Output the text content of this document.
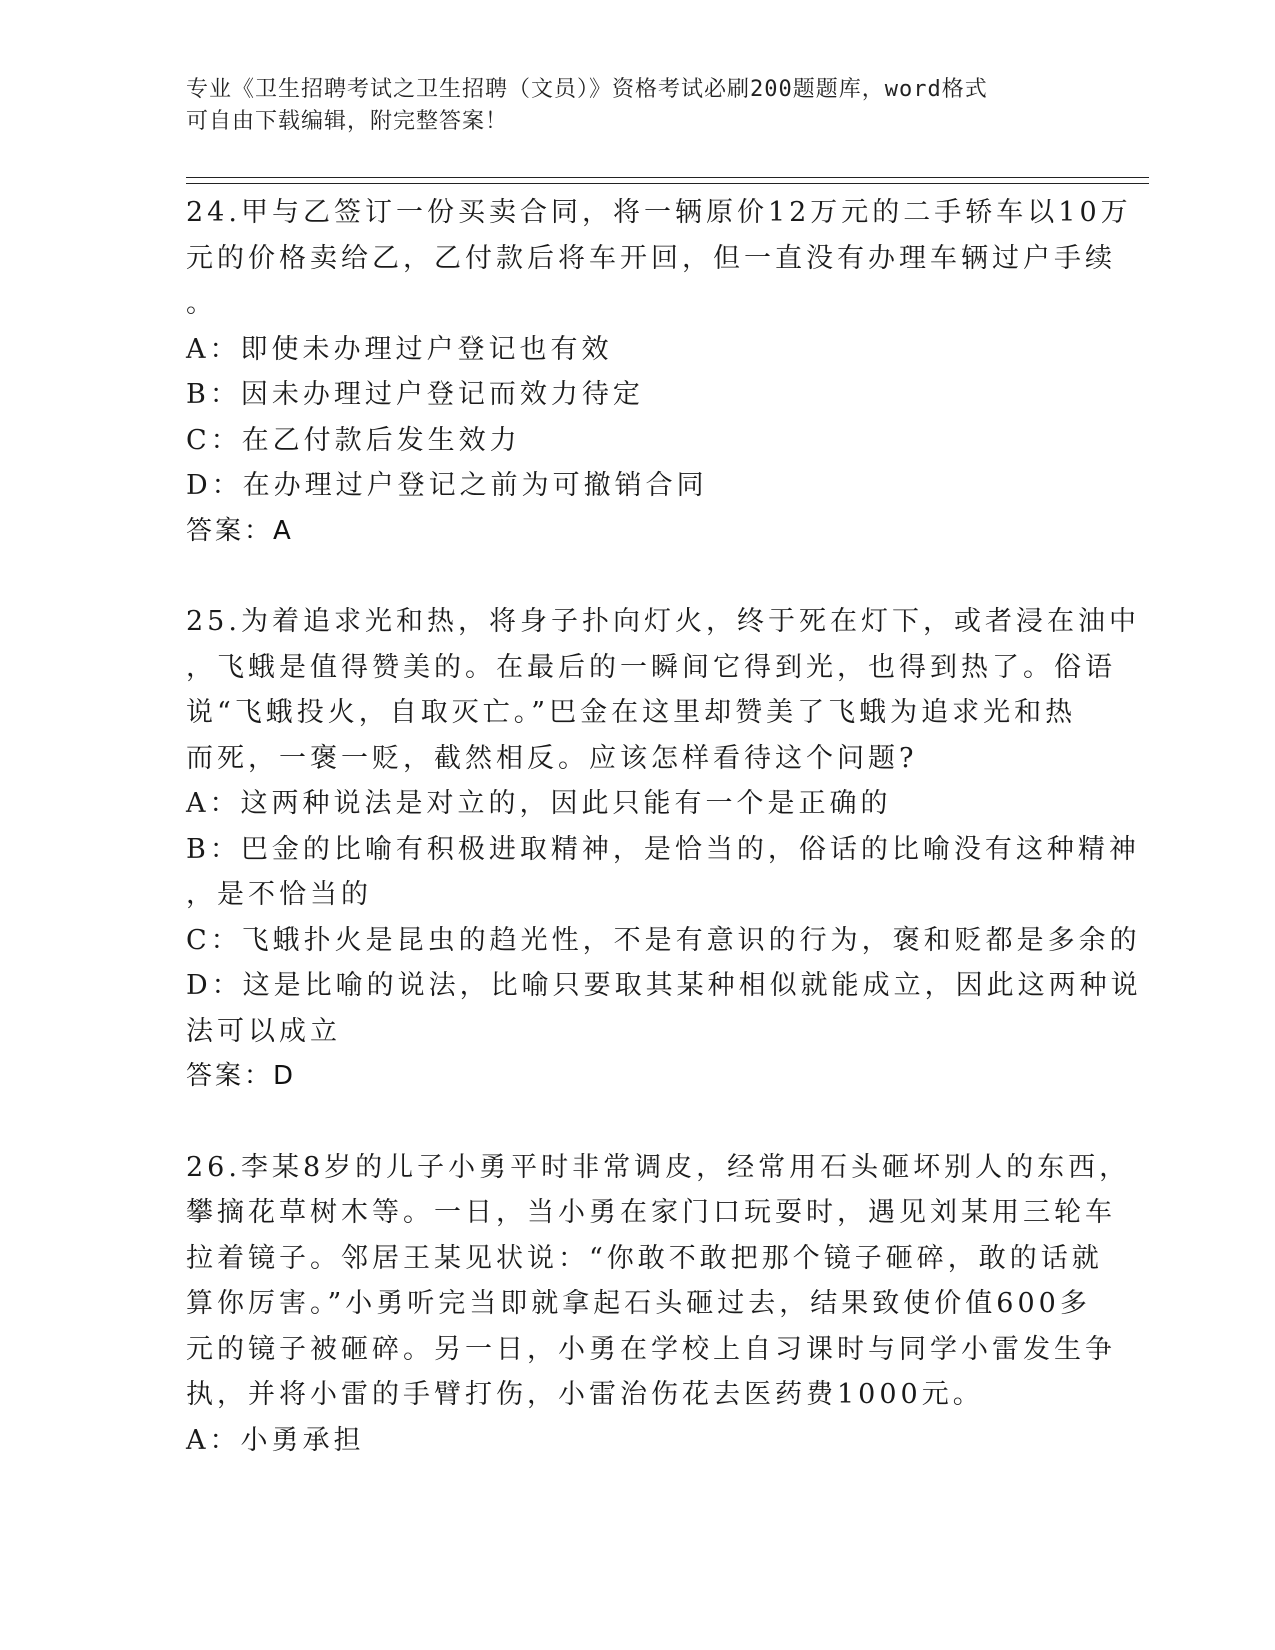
专业《卫生招聘考试之卫生招聘（文员）》资格考试必刷200题题库，word格式
可自由下载编辑，附完整答案！
24.甲与乙签订一份买卖合同，将一辆原价12万元的二手轿车以10万
元的价格卖给乙，乙付款后将车开回，但一直没有办理车辆过户手续
。
A：即使未办理过户登记也有效
B：因未办理过户登记而效力待定
C：在乙付款后发生效力
D：在办理过户登记之前为可撤销合同
答案：A
25.为着追求光和热，将身子扑向灯火，终于死在灯下，或者浸在油中
，飞蛾是值得赞美的。在最后的一瞬间它得到光，也得到热了。俗语
说“飞蛾投火，自取灭亡。”巴金在这里却赞美了飞蛾为追求光和热
而死，一褒一贬，截然相反。应该怎样看待这个问题?
A：这两种说法是对立的，因此只能有一个是正确的
B：巴金的比喻有积极进取精神，是恰当的，俗话的比喻没有这种精神
，是不恰当的
C：飞蛾扑火是昆虫的趋光性，不是有意识的行为，褒和贬都是多余的
D：这是比喻的说法，比喻只要取其某种相似就能成立，因此这两种说
法可以成立
答案：D
26.李某8岁的儿子小勇平时非常调皮，经常用石头砸坏别人的东西，
攀摘花草树木等。一日，当小勇在家门口玩耍时，遇见刘某用三轮车
拉着镜子。邻居王某见状说：“你敢不敢把那个镜子砸碎，敢的话就
算你厉害。”小勇听完当即就拿起石头砸过去，结果致使价值600多
元的镜子被砸碎。另一日，小勇在学校上自习课时与同学小雷发生争
执，并将小雷的手臂打伤，小雷治伤花去医药费1000元。
A：小勇承担
